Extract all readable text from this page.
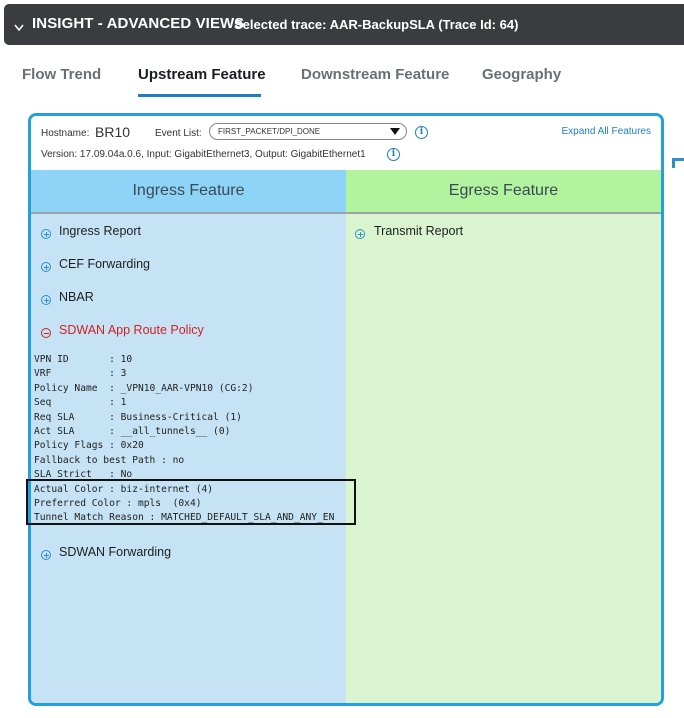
INSIGHT - ADVANCED VIEWS
Selected trace: AAR-BackupSLA (Trace Id: 64)
Flow Trend Upstream Feature Downstream Feature Geography
Hostname: BR10 Event List:	FIRST_PACKET/DPI_DONE	i
Version: 17.09.04a.0.6, Input: GigabitEthernet3, Output: GigabitEthernet1	i
Expand All Features
Ingress Feature
Ingress Report
CEF Forwarding
NBAR
SDWAN App Route Policy
VPN ID       : 10
VRF          : 3
Policy Name  : _VPN10_AAR-VPN10 (CG:2)
Seq          : 1
Req SLA      : Business-Critical (1)
Act SLA      : __all_tunnels__ (0)
Policy Flags : 0x20
Fallback to best Path : no
SLA Strict   : No
Actual Color : biz-internet (4)
Preferred Color : mpls  (0x4)
Tunnel Match Reason : MATCHED_DEFAULT_SLA_AND_ANY_EN
SDWAN Forwarding
Egress Feature
Transmit Report
